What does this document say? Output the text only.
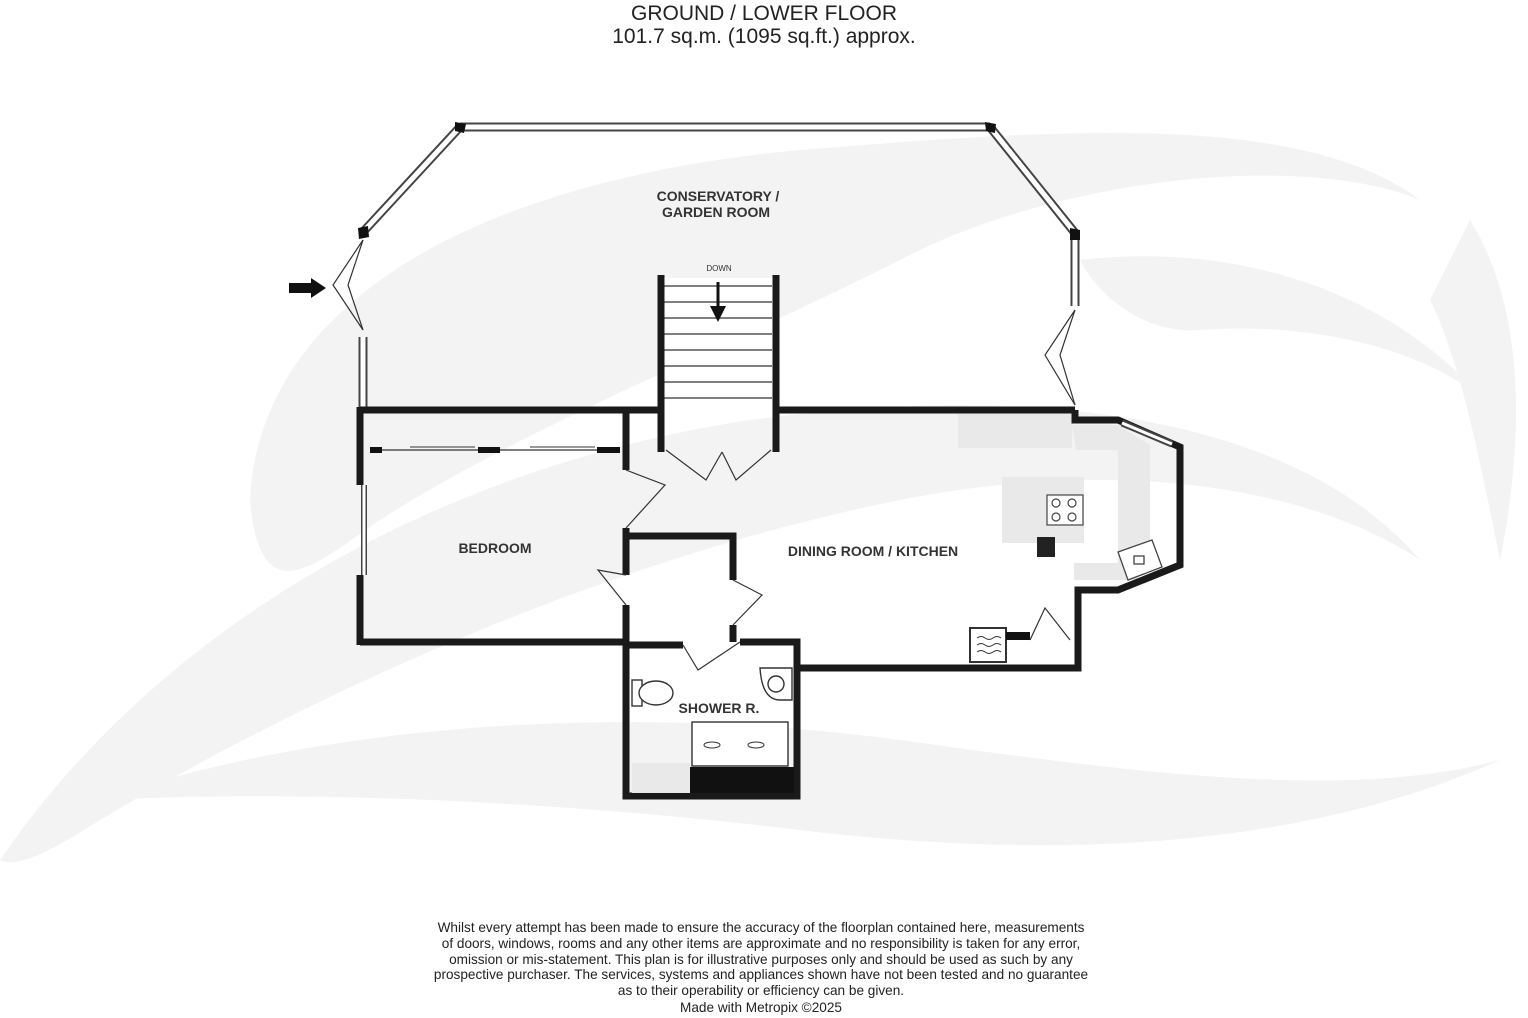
GROUND / LOWER FLOOR
101.7 sq.m. (1095 sq.ft.) approx.
DOWN
CONSERVATORY /
GARDEN ROOM
BEDROOM	DINING ROOM / KITCHEN
SHOWER R.
Whilst every attempt has been made to ensure the accuracy of the floorplan contained here, measurements
of doors, windows, rooms and any other items are approximate and no responsibility is taken for any error,
omission or mis-statement. This plan is for illustrative purposes only and should be used as such by any
prospective purchaser. The services, systems and appliances shown have not been tested and no guarantee
as to their operability or efficiency can be given.
Made with Metropix ©2025
